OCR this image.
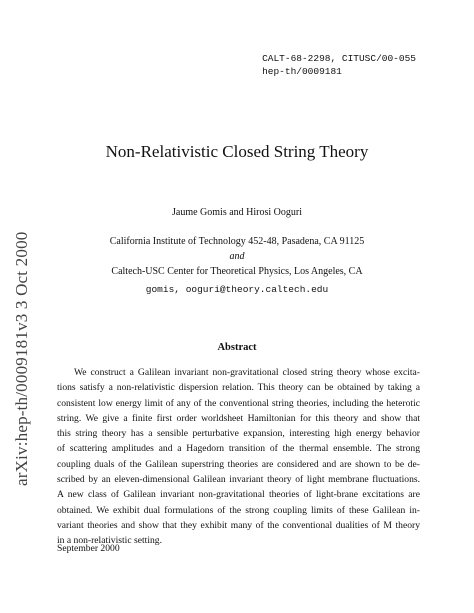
CALT-68-2298, CITUSC/00-055
hep-th/0009181
arXiv:hep-th/0009181v3 3 Oct 2000
Non-Relativistic Closed String Theory
Jaume Gomis and Hirosi Ooguri
California Institute of Technology 452-48, Pasadena, CA 91125
and
Caltech-USC Center for Theoretical Physics, Los Angeles, CA
gomis, ooguri@theory.caltech.edu
Abstract
We construct a Galilean invariant non-gravitational closed string theory whose excita-
tions satisfy a non-relativistic dispersion relation. This theory can be obtained by taking a
consistent low energy limit of any of the conventional string theories, including the heterotic
string. We give a finite first order worldsheet Hamiltonian for this theory and show that
this string theory has a sensible perturbative expansion, interesting high energy behavior
of scattering amplitudes and a Hagedorn transition of the thermal ensemble. The strong
coupling duals of the Galilean superstring theories are considered and are shown to be de-
scribed by an eleven-dimensional Galilean invariant theory of light membrane fluctuations.
A new class of Galilean invariant non-gravitational theories of light-brane excitations are
obtained. We exhibit dual formulations of the strong coupling limits of these Galilean in-
variant theories and show that they exhibit many of the conventional dualities of M theory
in a non-relativistic setting.
September 2000
